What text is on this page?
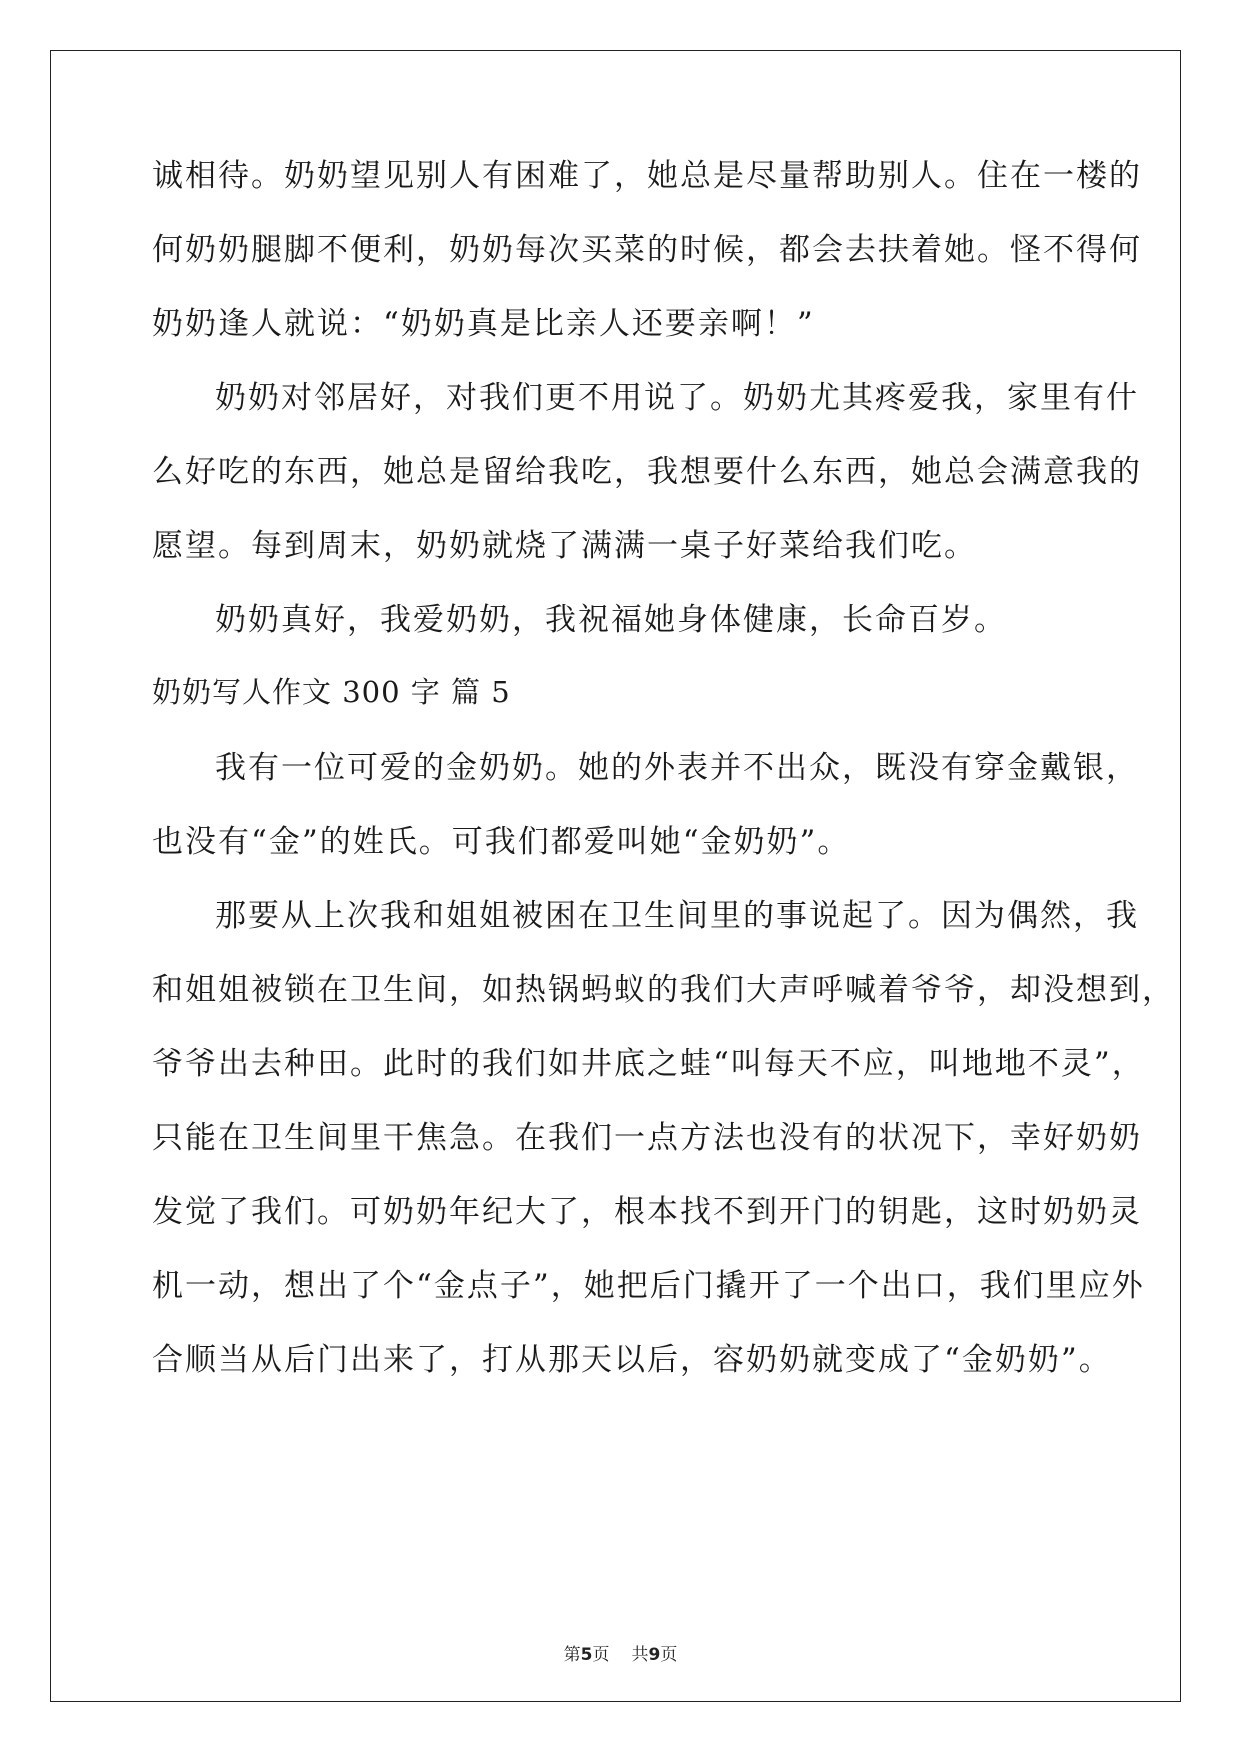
诚相待。奶奶望见别人有困难了，她总是尽量帮助别人。住在一楼的
何奶奶腿脚不便利，奶奶每次买菜的时候，都会去扶着她。怪不得何
奶奶逢人就说：“奶奶真是比亲人还要亲啊！”
奶奶对邻居好，对我们更不用说了。奶奶尤其疼爱我，家里有什
么好吃的东西，她总是留给我吃，我想要什么东西，她总会满意我的
愿望。每到周末，奶奶就烧了满满一桌子好菜给我们吃。
奶奶真好，我爱奶奶，我祝福她身体健康，长命百岁。
奶奶写人作文 300 字 篇 5
我有一位可爱的金奶奶。她的外表并不出众，既没有穿金戴银，
也没有“金”的姓氏。可我们都爱叫她“金奶奶”。
那要从上次我和姐姐被困在卫生间里的事说起了。因为偶然，我
和姐姐被锁在卫生间，如热锅蚂蚁的我们大声呼喊着爷爷，却没想到，
爷爷出去种田。此时的我们如井底之蛙“叫每天不应，叫地地不灵”，
只能在卫生间里干焦急。在我们一点方法也没有的状况下，幸好奶奶
发觉了我们。可奶奶年纪大了，根本找不到开门的钥匙，这时奶奶灵
机一动，想出了个“金点子”，她把后门撬开了一个出口，我们里应外
合顺当从后门出来了，打从那天以后，容奶奶就变成了“金奶奶”。
第5页 共9页
